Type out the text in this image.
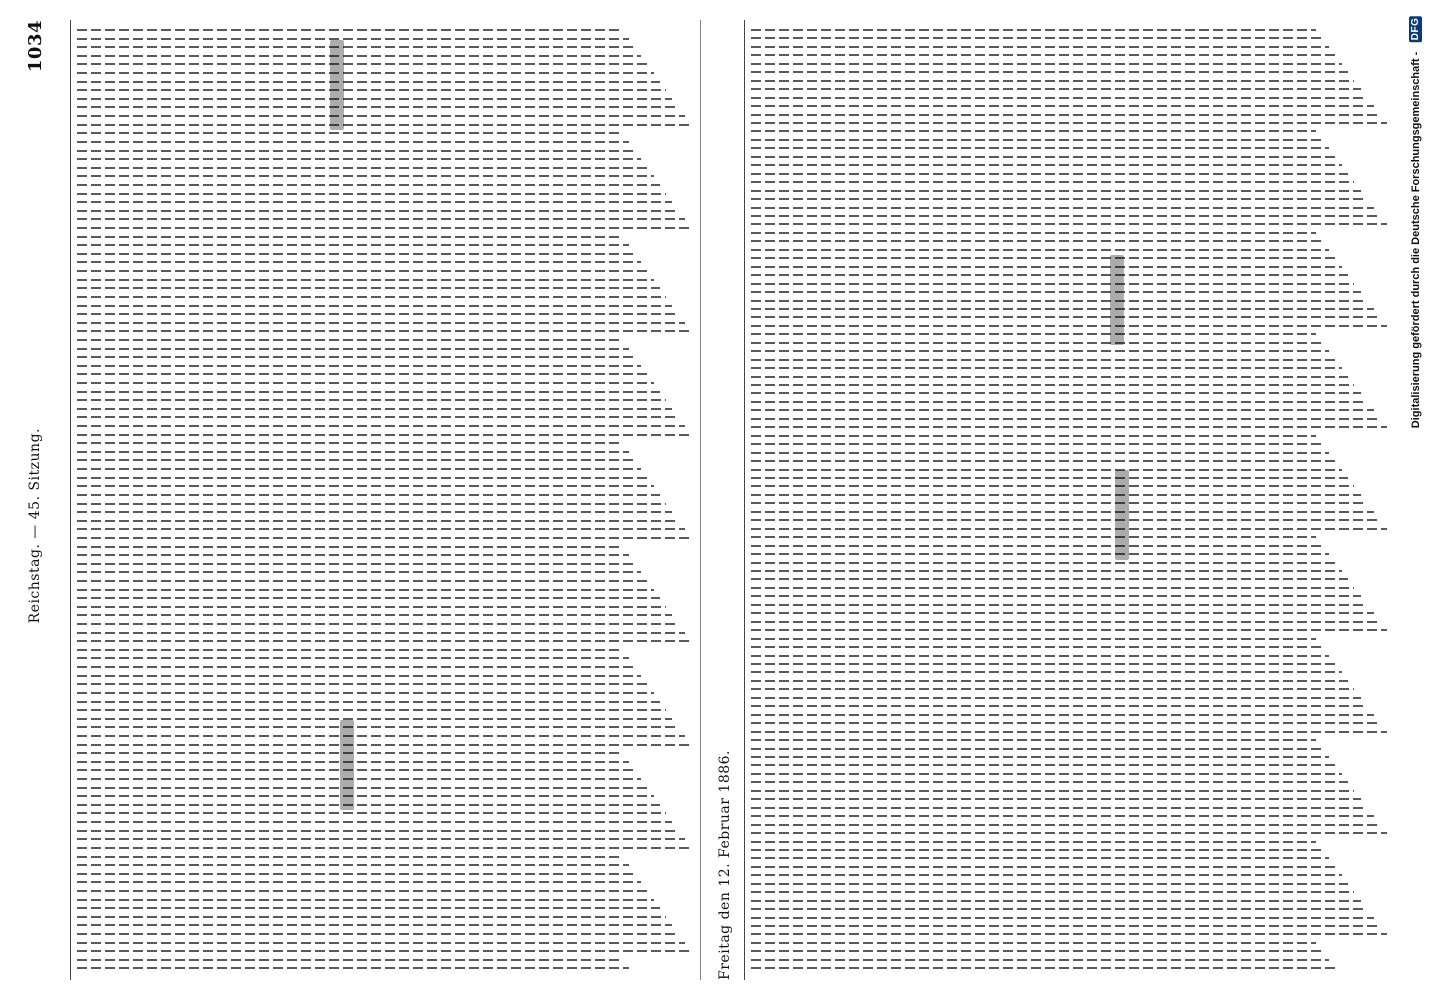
1034
Reichstag. — 45. Sitzung.
Freitag den 12. Februar 1886.
Digitalisierung gefördert durch die Deutsche Forschungsgemeinschaft - DFG
